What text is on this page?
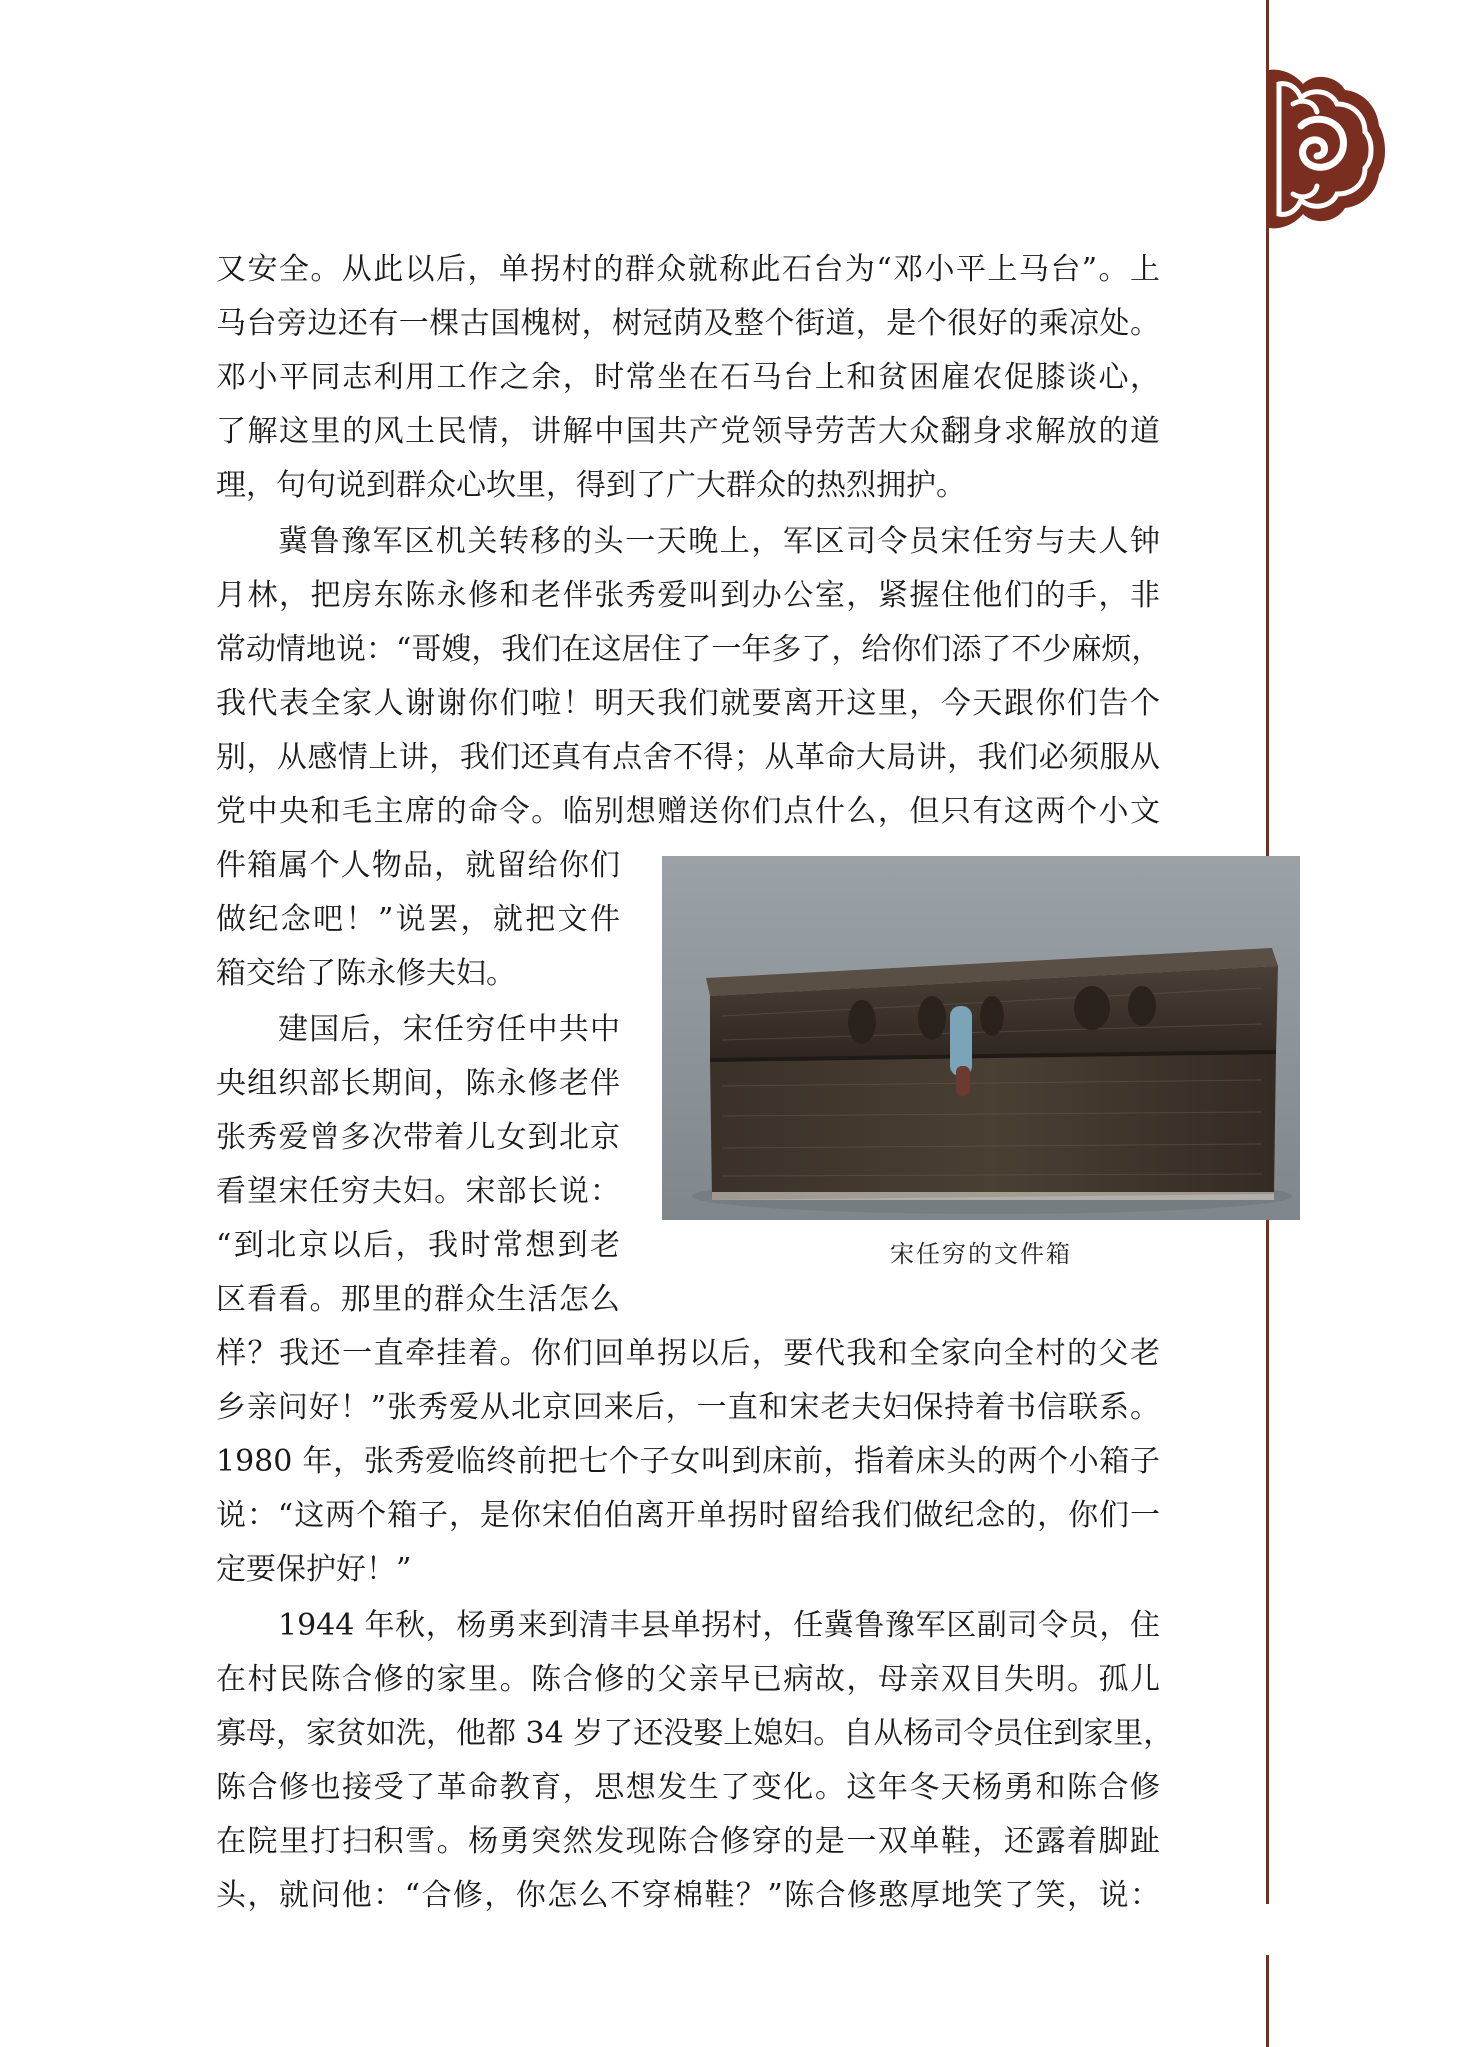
又安全。从此以后，单拐村的群众就称此石台为“邓小平上马台”。上
马台旁边还有一棵古国槐树，树冠荫及整个街道，是个很好的乘凉处。
邓小平同志利用工作之余，时常坐在石马台上和贫困雇农促膝谈心，
了解这里的风土民情，讲解中国共产党领导劳苦大众翻身求解放的道
理，句句说到群众心坎里，得到了广大群众的热烈拥护。
冀鲁豫军区机关转移的头一天晚上，军区司令员宋任穷与夫人钟
月林，把房东陈永修和老伴张秀爱叫到办公室，紧握住他们的手，非
常动情地说：“哥嫂，我们在这居住了一年多了，给你们添了不少麻烦，
我代表全家人谢谢你们啦！明天我们就要离开这里，今天跟你们告个
别，从感情上讲，我们还真有点舍不得；从革命大局讲，我们必须服从
党中央和毛主席的命令。临别想赠送你们点什么，但只有这两个小文
件箱属个人物品，就留给你们
做纪念吧！”说罢，就把文件
箱交给了陈永修夫妇。
建国后，宋任穷任中共中
央组织部长期间，陈永修老伴
张秀爱曾多次带着儿女到北京
看望宋任穷夫妇。宋部长说：
“到北京以后，我时常想到老
区看看。那里的群众生活怎么
样？我还一直牵挂着。你们回单拐以后，要代我和全家向全村的父老
乡亲问好！”张秀爱从北京回来后，一直和宋老夫妇保持着书信联系。
1980 年，张秀爱临终前把七个子女叫到床前，指着床头的两个小箱子
说：“这两个箱子，是你宋伯伯离开单拐时留给我们做纪念的，你们一
定要保护好！”
1944 年秋，杨勇来到清丰县单拐村，任冀鲁豫军区副司令员，住
在村民陈合修的家里。陈合修的父亲早已病故，母亲双目失明。孤儿
寡母，家贫如洗，他都 34 岁了还没娶上媳妇。自从杨司令员住到家里，
陈合修也接受了革命教育，思想发生了变化。这年冬天杨勇和陈合修
在院里打扫积雪。杨勇突然发现陈合修穿的是一双单鞋，还露着脚趾
头，就问他：“合修，你怎么不穿棉鞋？”陈合修憨厚地笑了笑，说：
宋任穷的文件箱
